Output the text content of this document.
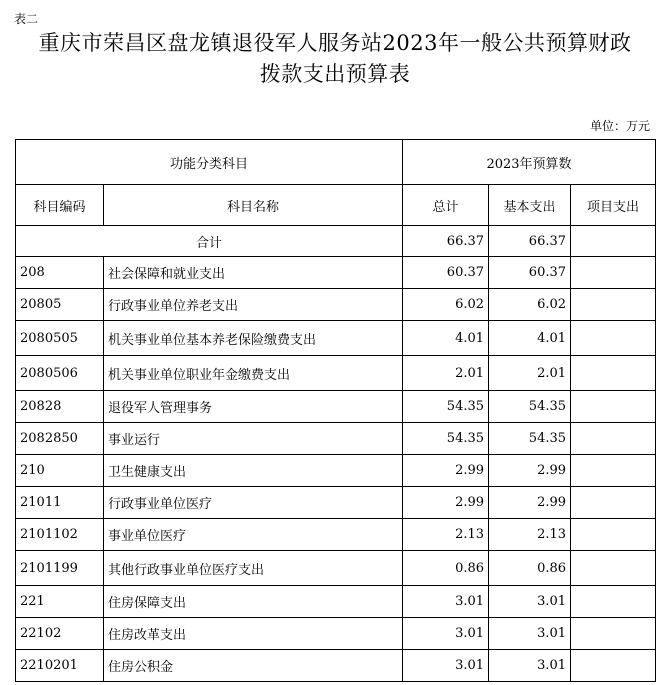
表二
重庆市荣昌区盘龙镇退役军人服务站2023年一般公共预算财政
拨款支出预算表
单位：万元
功能分类科目		2023年预算数		
科目编码	科目名称	总计	基本支出	项目支出
合计		66.37	66.37	
208	社会保障和就业支出	60.37	60.37	
20805	行政事业单位养老支出	6.02	6.02	
2080505	机关事业单位基本养老保险缴费支出	4.01	4.01	
2080506	机关事业单位职业年金缴费支出	2.01	2.01	
20828	退役军人管理事务	54.35	54.35	
2082850	事业运行	54.35	54.35	
210	卫生健康支出	2.99	2.99	
21011	行政事业单位医疗	2.99	2.99	
2101102	事业单位医疗	2.13	2.13	
2101199	其他行政事业单位医疗支出	0.86	0.86	
221	住房保障支出	3.01	3.01	
22102	住房改革支出	3.01	3.01	
2210201	住房公积金	3.01	3.01	
